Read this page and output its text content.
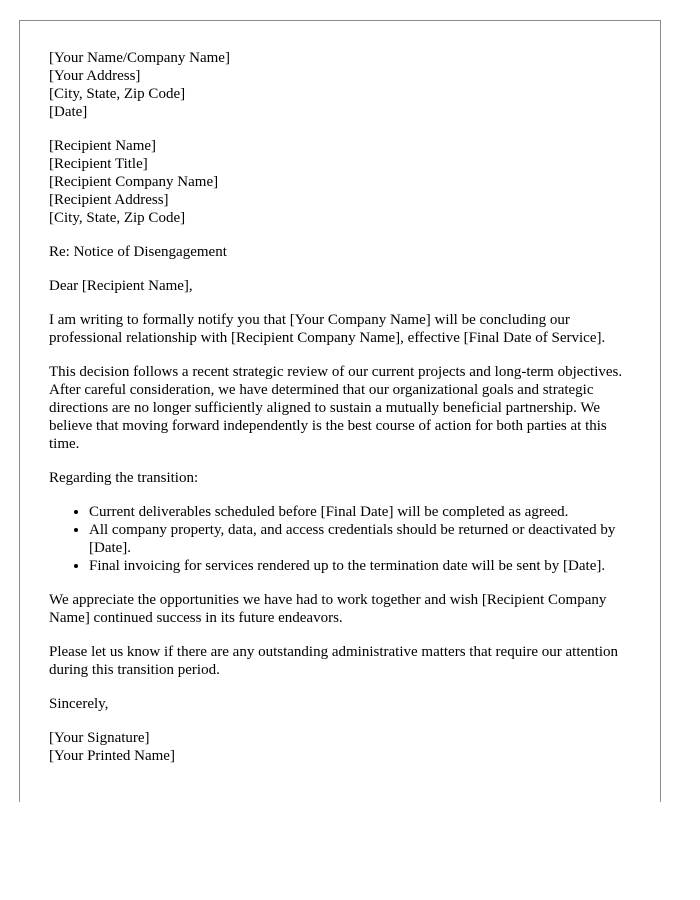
[Your Name/Company Name]
[Your Address]
[City, State, Zip Code]
[Date]

[Recipient Name]
[Recipient Title]
[Recipient Company Name]
[Recipient Address]
[City, State, Zip Code]

Re: Notice of Disengagement

Dear [Recipient Name],

I am writing to formally notify you that [Your Company Name] will be concluding our professional relationship with [Recipient Company Name], effective [Final Date of Service].

This decision follows a recent strategic review of our current projects and long-term objectives. After careful consideration, we have determined that our organizational goals and strategic directions are no longer sufficiently aligned to sustain a mutually beneficial partnership. We believe that moving forward independently is the best course of action for both parties at this time.

Regarding the transition:

• Current deliverables scheduled before [Final Date] will be completed as agreed.
• All company property, data, and access credentials should be returned or deactivated by [Date].
• Final invoicing for services rendered up to the termination date will be sent by [Date].

We appreciate the opportunities we have had to work together and wish [Recipient Company Name] continued success in its future endeavors.

Please let us know if there are any outstanding administrative matters that require our attention during this transition period.

Sincerely,

[Your Signature]
[Your Printed Name]
